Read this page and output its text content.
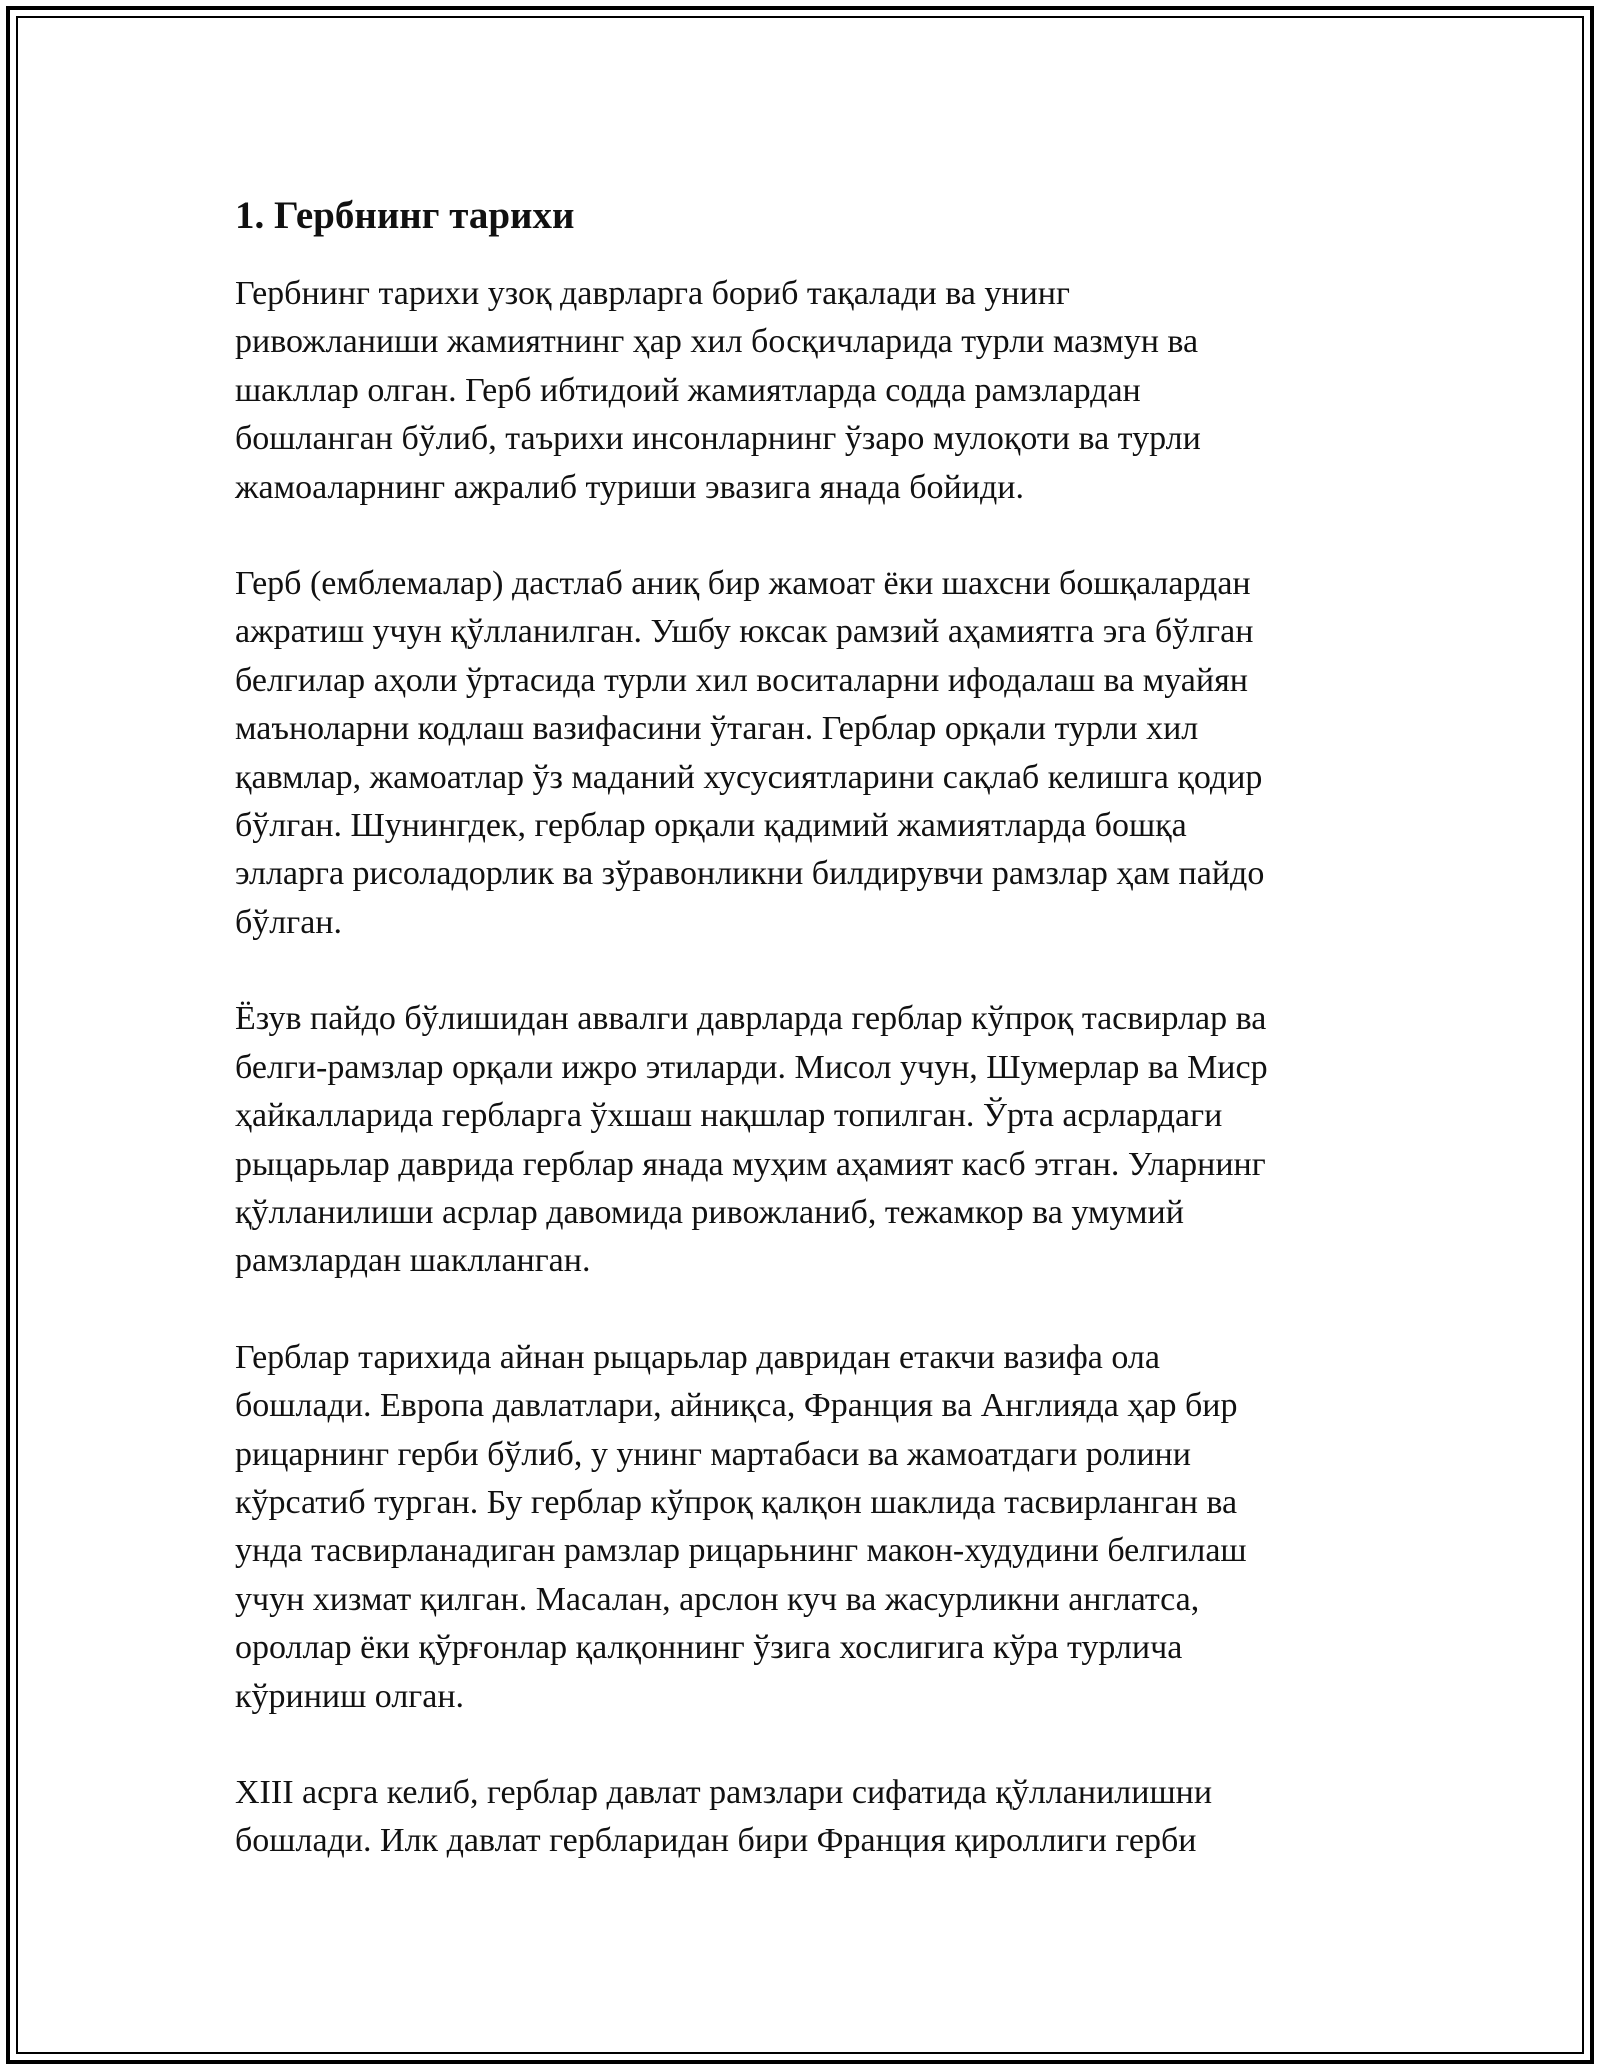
1. Гербнинг тарихи

Гербнинг тарихи узоқ даврларга бориб тақалади ва унинг
ривожланиши жамиятнинг ҳар хил босқичларида турли мазмун ва
шакллар олган. Герб ибтидоий жамиятларда содда рамзлардан
бошланган бўлиб, таърихи инсонларнинг ўзаро мулоқоти ва турли
жамоаларнинг ажралиб туриши эвазига янада бойиди.

Герб (емблемалар) дастлаб аниқ бир жамоат ёки шахсни бошқалардан
ажратиш учун қўлланилган. Ушбу юксак рамзий аҳамиятга эга бўлган
белгилар аҳоли ўртасида турли хил воситаларни ифодалаш ва муайян
маъноларни кодлаш вазифасини ўтаган. Герблар орқали турли хил
қавмлар, жамоатлар ўз маданий хусусиятларини сақлаб келишга қодир
бўлган. Шунингдек, герблар орқали қадимий жамиятларда бошқа
элларга рисоладорлик ва зўравонликни билдирувчи рамзлар ҳам пайдо
бўлган.

Ёзув пайдо бўлишидан аввалги даврларда герблар кўпроқ тасвирлар ва
белги-рамзлар орқали ижро этиларди. Мисол учун, Шумерлар ва Миср
ҳайкалларида гербларга ўхшаш нақшлар топилган. Ўрта асрлардаги
рыцарьлар даврида герблар янада муҳим аҳамият касб этган. Уларнинг
қўлланилиши асрлар давомида ривожланиб, тежамкор ва умумий
рамзлардан шаклланган.

Герблар тарихида айнан рыцарьлар давридан етакчи вазифа ола
бошлади. Европа давлатлари, айниқса, Франция ва Англияда ҳар бир
рицарнинг герби бўлиб, у унинг мартабаси ва жамоатдаги ролини
кўрсатиб турган. Бу герблар кўпроқ қалқон шаклида тасвирланган ва
унда тасвирланадиган рамзлар рицарьнинг макон-худудини белгилаш
учун хизмат қилган. Масалан, арслон куч ва жасурликни англатса,
ороллар ёки қўрғонлар қалқоннинг ўзига хослигига кўра турлича
кўриниш олган.

XIII асрга келиб, герблар давлат рамзлари сифатида қўлланилишни
бошлади. Илк давлат гербларидан бири Франция қироллиги герби
